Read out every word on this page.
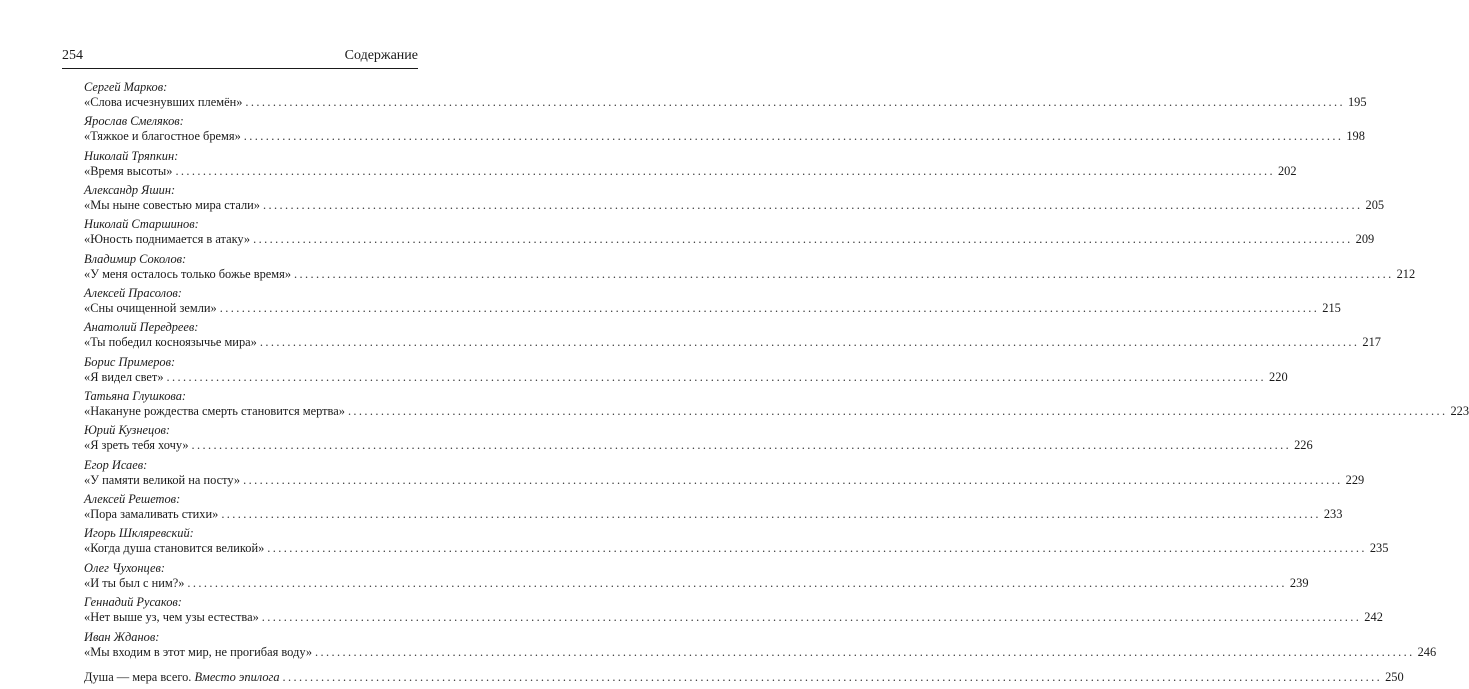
254	Содержание
Сергей Марков:
«Слова исчезнувших племён» ........................................................................................................................................................................................................ 195
Ярослав Смеляков:
«Тяжкое и благостное бремя» ........................................................................................................................................................................................................ 198
Николай Тряпкин:
«Время высоты» ........................................................................................................................................................................................................ 202
Александр Яшин:
«Мы ныне совестью мира стали» ........................................................................................................................................................................................................ 205
Николай Старшинов:
«Юность поднимается в атаку» ........................................................................................................................................................................................................ 209
Владимир Соколов:
«У меня осталось только божье время» ........................................................................................................................................................................................................ 212
Алексей Прасолов:
«Сны очищенной земли» ........................................................................................................................................................................................................ 215
Анатолий Передреев:
«Ты победил косноязычье мира» ........................................................................................................................................................................................................ 217
Борис Примеров:
«Я видел свет» ........................................................................................................................................................................................................ 220
Татьяна Глушкова:
«Накануне рождества смерть становится мертва» ........................................................................................................................................................................................................ 223
Юрий Кузнецов:
«Я зреть тебя хочу» ........................................................................................................................................................................................................ 226
Егор Исаев:
«У памяти великой на посту» ........................................................................................................................................................................................................ 229
Алексей Решетов:
«Пора замаливать стихи» ........................................................................................................................................................................................................ 233
Игорь Шкляревский:
«Когда душа становится великой» ........................................................................................................................................................................................................ 235
Олег Чухонцев:
«И ты был с ним?» ........................................................................................................................................................................................................ 239
Геннадий Русаков:
«Нет выше уз, чем узы естества» ........................................................................................................................................................................................................ 242
Иван Жданов:
«Мы входим в этот мир, не прогибая воду» ........................................................................................................................................................................................................ 246
Душа — мера всего. Вместо эпилога ........................................................................................................................................................................................................ 250
